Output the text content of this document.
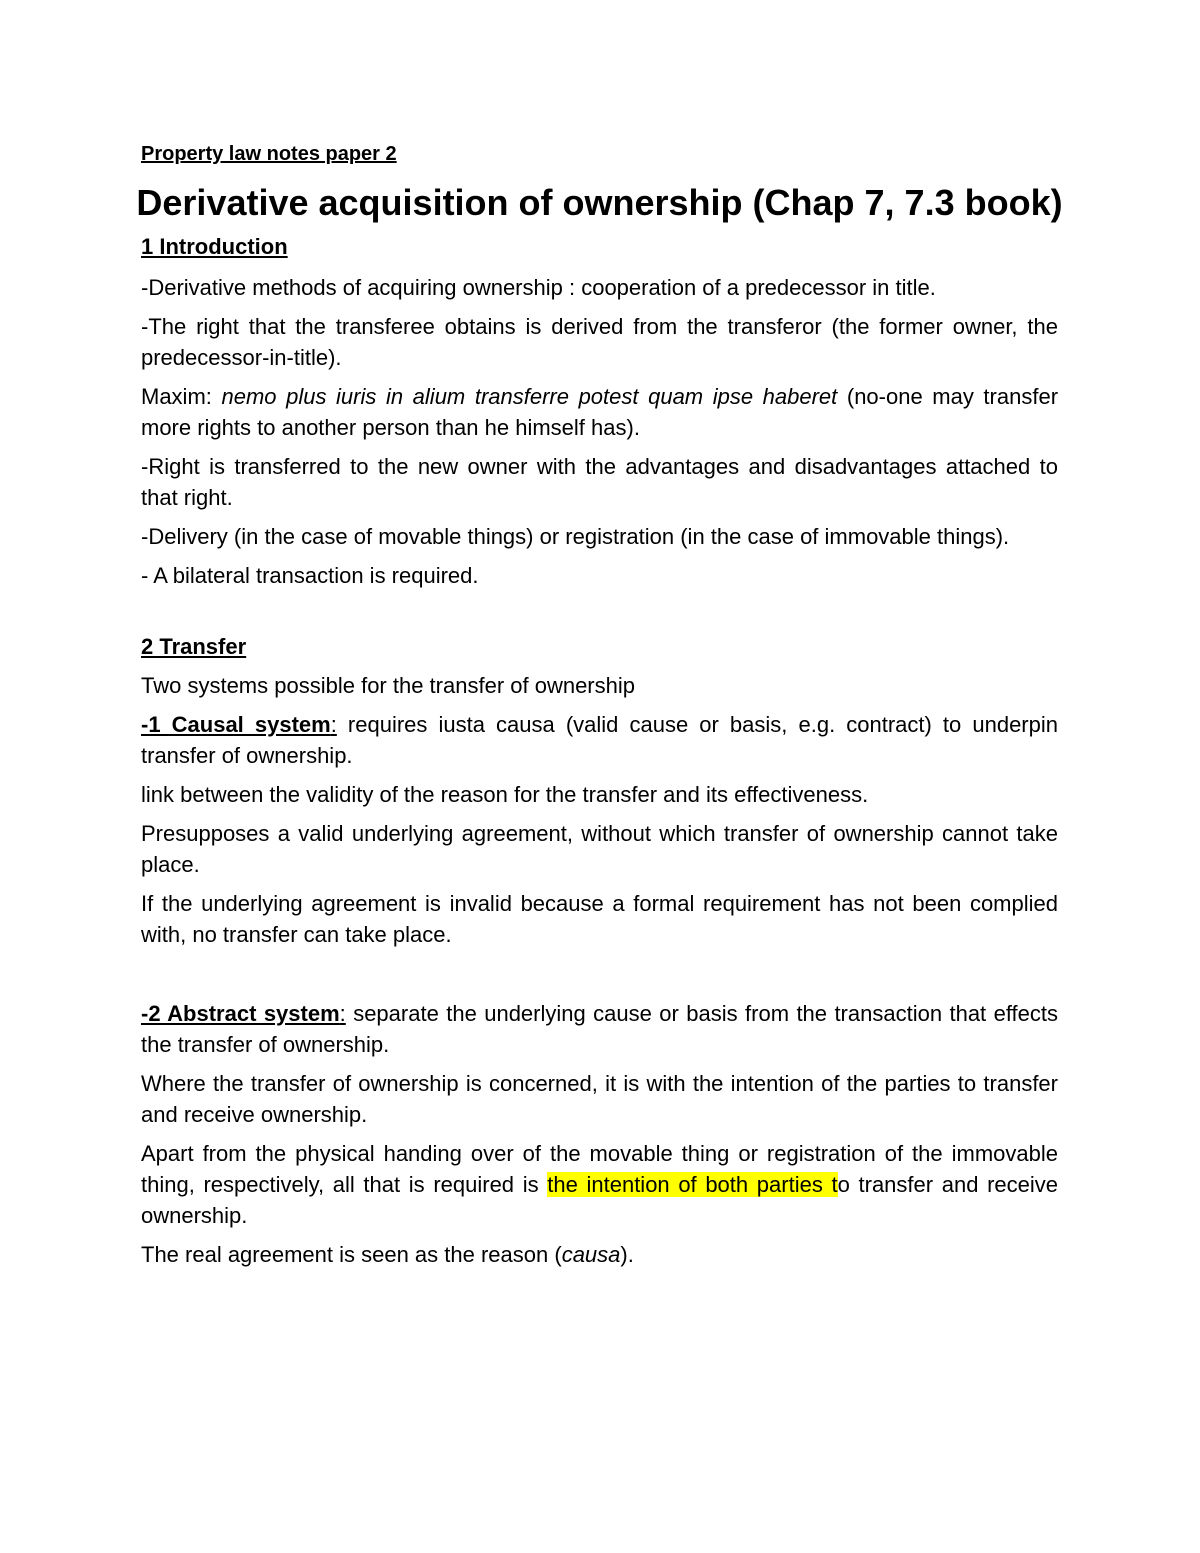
Property law notes paper 2
Derivative acquisition of ownership (Chap 7, 7.3 book)
1 Introduction

-Derivative methods of acquiring ownership : cooperation of a predecessor in title.

-The right that the transferee obtains is derived from the transferor (the former owner, the predecessor-in-title).

Maxim: nemo plus iuris in alium transferre potest quam ipse haberet (no-one may transfer more rights to another person than he himself has).

-Right is transferred to the new owner with the advantages and disadvantages attached to that right.

-Delivery (in the case of movable things) or registration (in the case of immovable things).

- A bilateral transaction is required.

2 Transfer

Two systems possible for the transfer of ownership

-1 Causal system: requires iusta causa (valid cause or basis, e.g. contract) to underpin transfer of ownership.

link between the validity of the reason for the transfer and its effectiveness.

Presupposes a valid underlying agreement, without which transfer of ownership cannot take place.

If the underlying agreement is invalid because a formal requirement has not been complied with, no transfer can take place.

-2 Abstract system: separate the underlying cause or basis from the transaction that effects the transfer of ownership.

Where the transfer of ownership is concerned, it is with the intention of the parties to transfer and receive ownership.

Apart from the physical handing over of the movable thing or registration of the immovable thing, respectively, all that is required is the intention of both parties to transfer and receive ownership.

The real agreement is seen as the reason (causa).
